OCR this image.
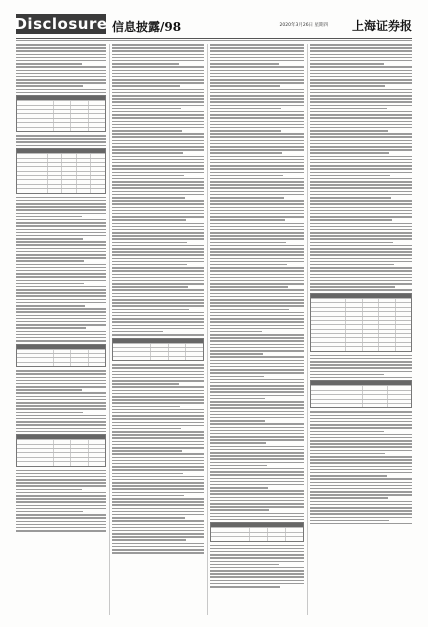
Disclosure 信息披露/98	2020年3月26日 星期四 上海证券报
